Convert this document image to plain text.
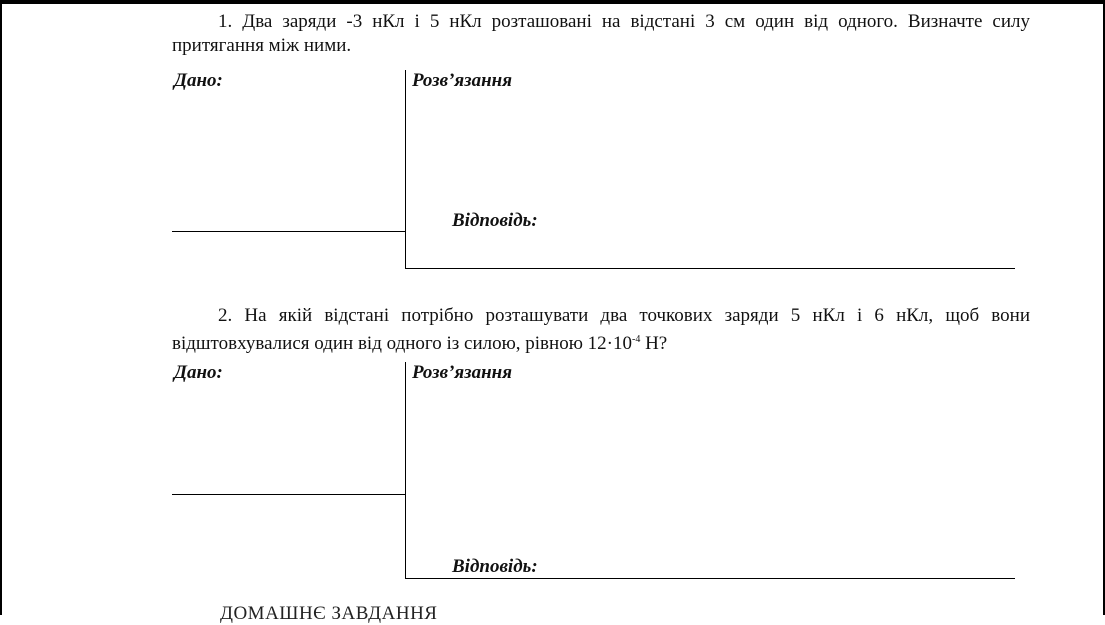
1. Два заряди -3 нКл і 5 нКл розташовані на відстані 3 см один від одного. Визначте силу притягання між ними.

Дано:	Розв’язання
Відповідь:

2. На якій відстані потрібно розташувати два точкових заряди 5 нКл і 6 нКл, щоб вони відштовхувалися один від одного із силою, рівною $12\cdot 10^{-4}$ Н?

Дано:	Розв’язання
Відповідь:
ДОМАШНЄ ЗАВДАННЯ
